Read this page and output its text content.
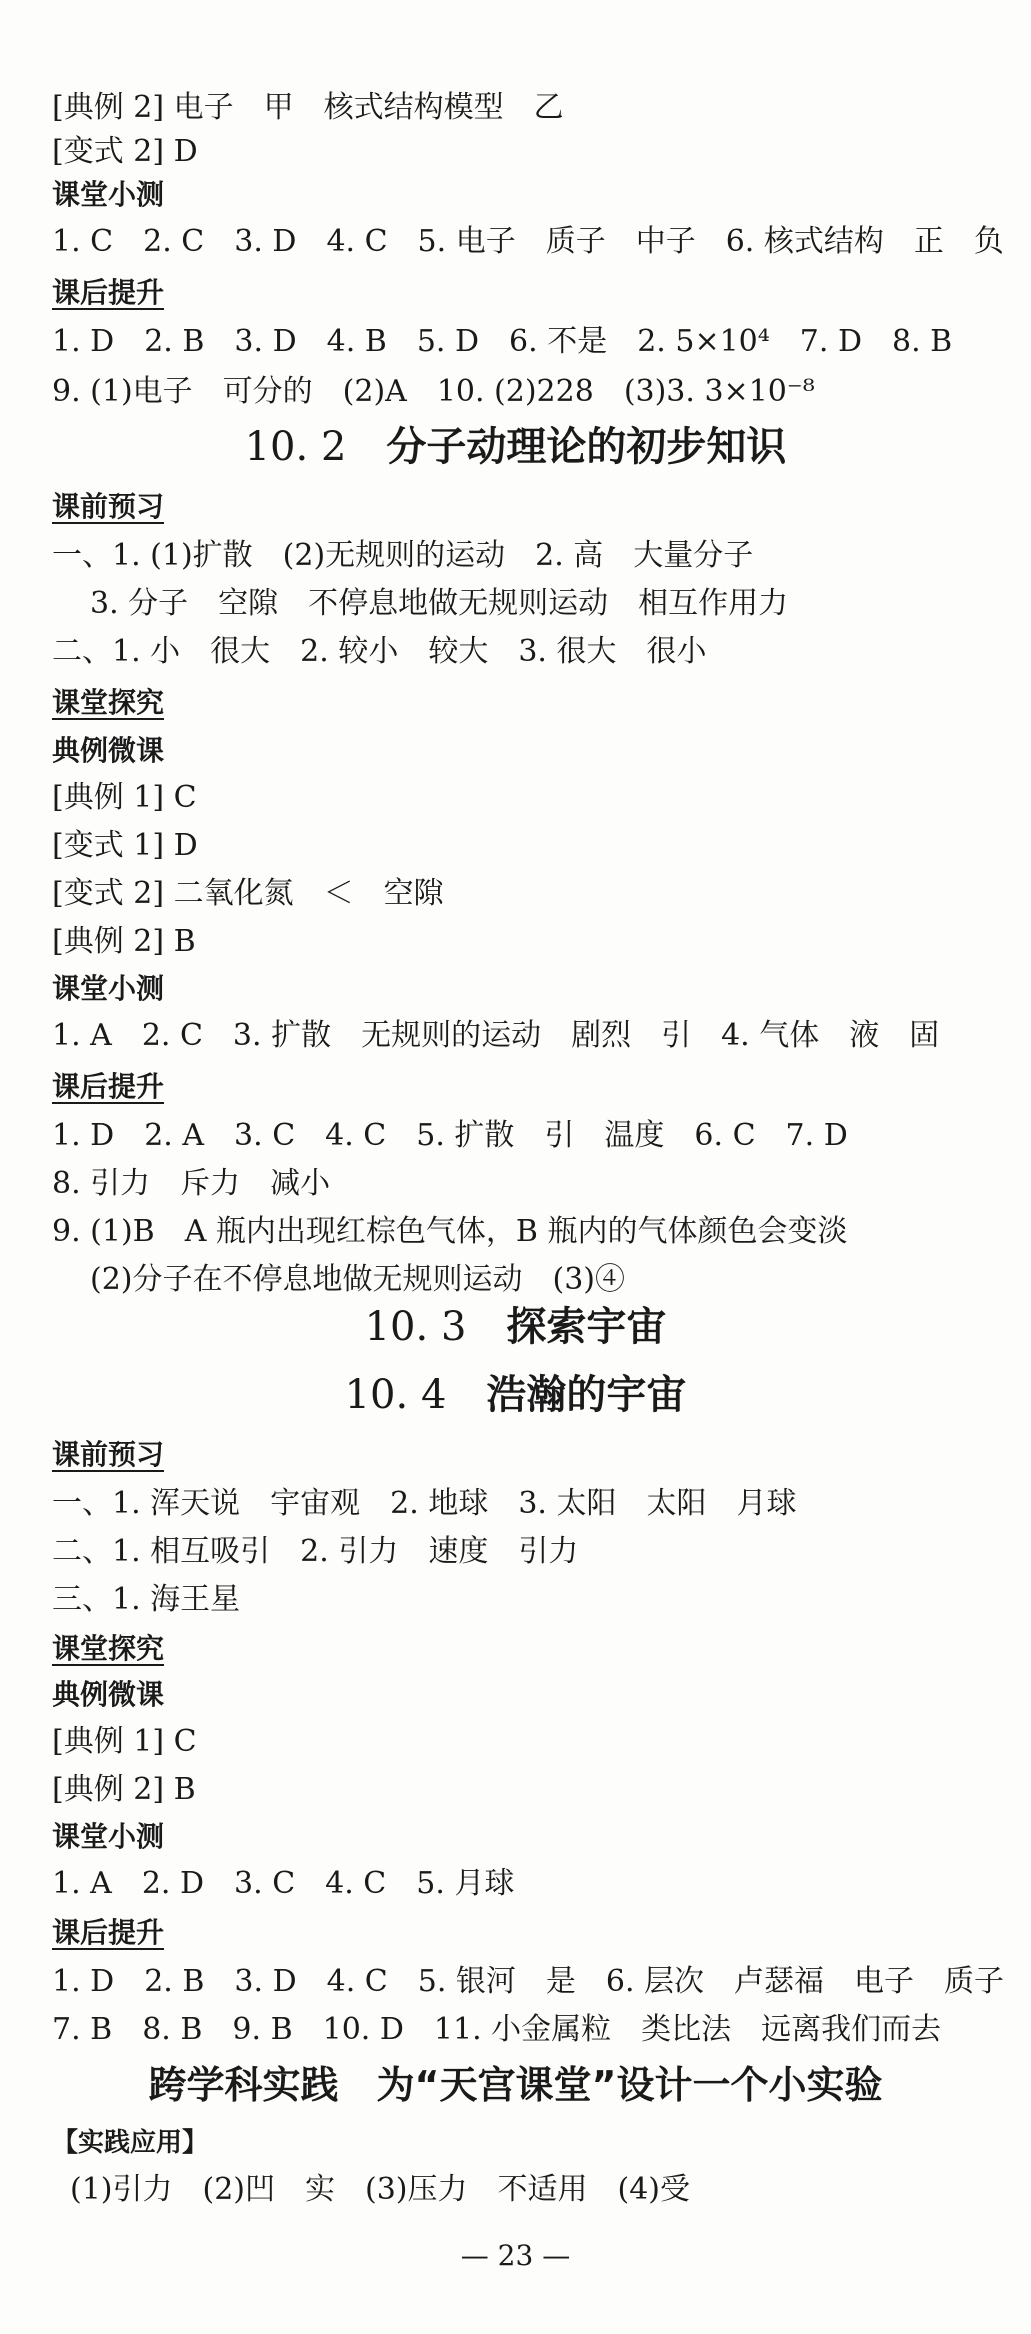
[典例 2] 电子　甲　核式结构模型　乙
[变式 2] D
课堂小测
1. C　2. C　3. D　4. C　5. 电子　质子　中子　6. 核式结构　正　负
课后提升
1. D　2. B　3. D　4. B　5. D　6. 不是　2. 5×10⁴　7. D　8. B
9. (1)电子　可分的　(2)A　10. (2)228　(3)3. 3×10⁻⁸
10. 2 分子动理论的初步知识
课前预习
一、1. (1)扩散　(2)无规则的运动　2. 高　大量分子
3. 分子　空隙　不停息地做无规则运动　相互作用力
二、1. 小　很大　2. 较小　较大　3. 很大　很小
课堂探究
典例微课
[典例 1] C
[变式 1] D
[变式 2] 二氧化氮　＜　空隙
[典例 2] B
课堂小测
1. A　2. C　3. 扩散　无规则的运动　剧烈　引　4. 气体　液　固
课后提升
1. D　2. A　3. C　4. C　5. 扩散　引　温度　6. C　7. D
8. 引力　斥力　减小
9. (1)B　A 瓶内出现红棕色气体，B 瓶内的气体颜色会变淡
(2)分子在不停息地做无规则运动　(3)④
10. 3 探索宇宙
10. 4 浩瀚的宇宙
课前预习
一、1. 浑天说　宇宙观　2. 地球　3. 太阳　太阳　月球
二、1. 相互吸引　2. 引力　速度　引力
三、1. 海王星
课堂探究
典例微课
[典例 1] C
[典例 2] B
课堂小测
1. A　2. D　3. C　4. C　5. 月球
课后提升
1. D　2. B　3. D　4. C　5. 银河　是　6. 层次　卢瑟福　电子　质子
7. B　8. B　9. B　10. D　11. 小金属粒　类比法　远离我们而去
跨学科实践　为“天宫课堂”设计一个小实验
【实践应用】
(1)引力　(2)凹　实　(3)压力　不适用　(4)受
— 23 —
